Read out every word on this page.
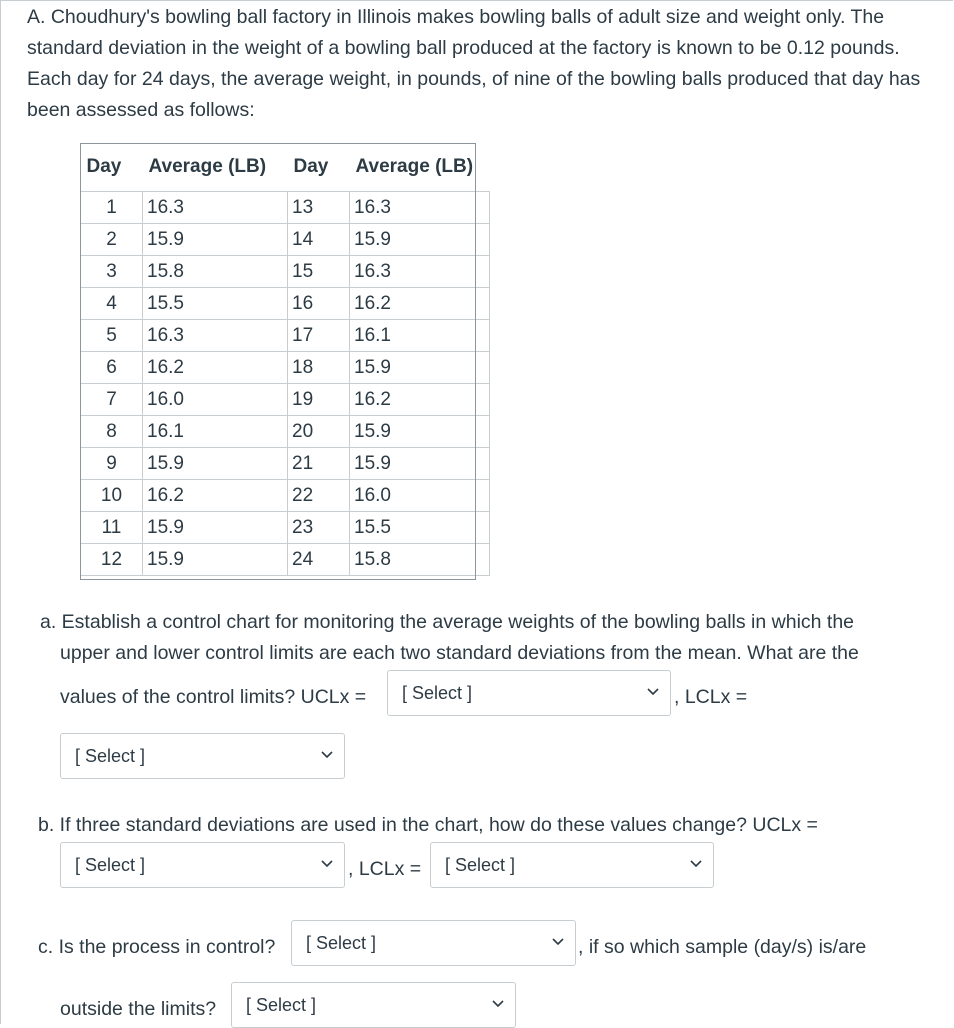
A. Choudhury's bowling ball factory in Illinois makes bowling balls of adult size and weight only. The standard deviation in the weight of a bowling ball produced at the factory is known to be 0.12 pounds. Each day for 24 days, the average weight, in pounds, of nine of the bowling balls produced that day has been assessed as follows:

Day	Average (LB)	Day	Average (LB)
1	16.3	13	16.3
2	15.9	14	15.9
3	15.8	15	16.3
4	15.5	16	16.2
5	16.3	17	16.1
6	16.2	18	15.9
7	16.0	19	16.2
8	16.1	20	15.9
9	15.9	21	15.9
10	16.2	22	16.0
11	15.9	23	15.5
12	15.9	24	15.8
a. Establish a control chart for monitoring the average weights of the bowling balls in which the
upper and lower control limits are each two standard deviations from the mean. What are the
values of the control limits? UCLx = [ Select ]	, LCLx =
[ Select ]
b. If three standard deviations are used in the chart, how do these values change? UCLx =
[ Select ]	, LCLx = [ Select ]
c. Is the process in control? [ Select ]	, if so which sample (day/s) is/are
outside the limits? [ Select ]
